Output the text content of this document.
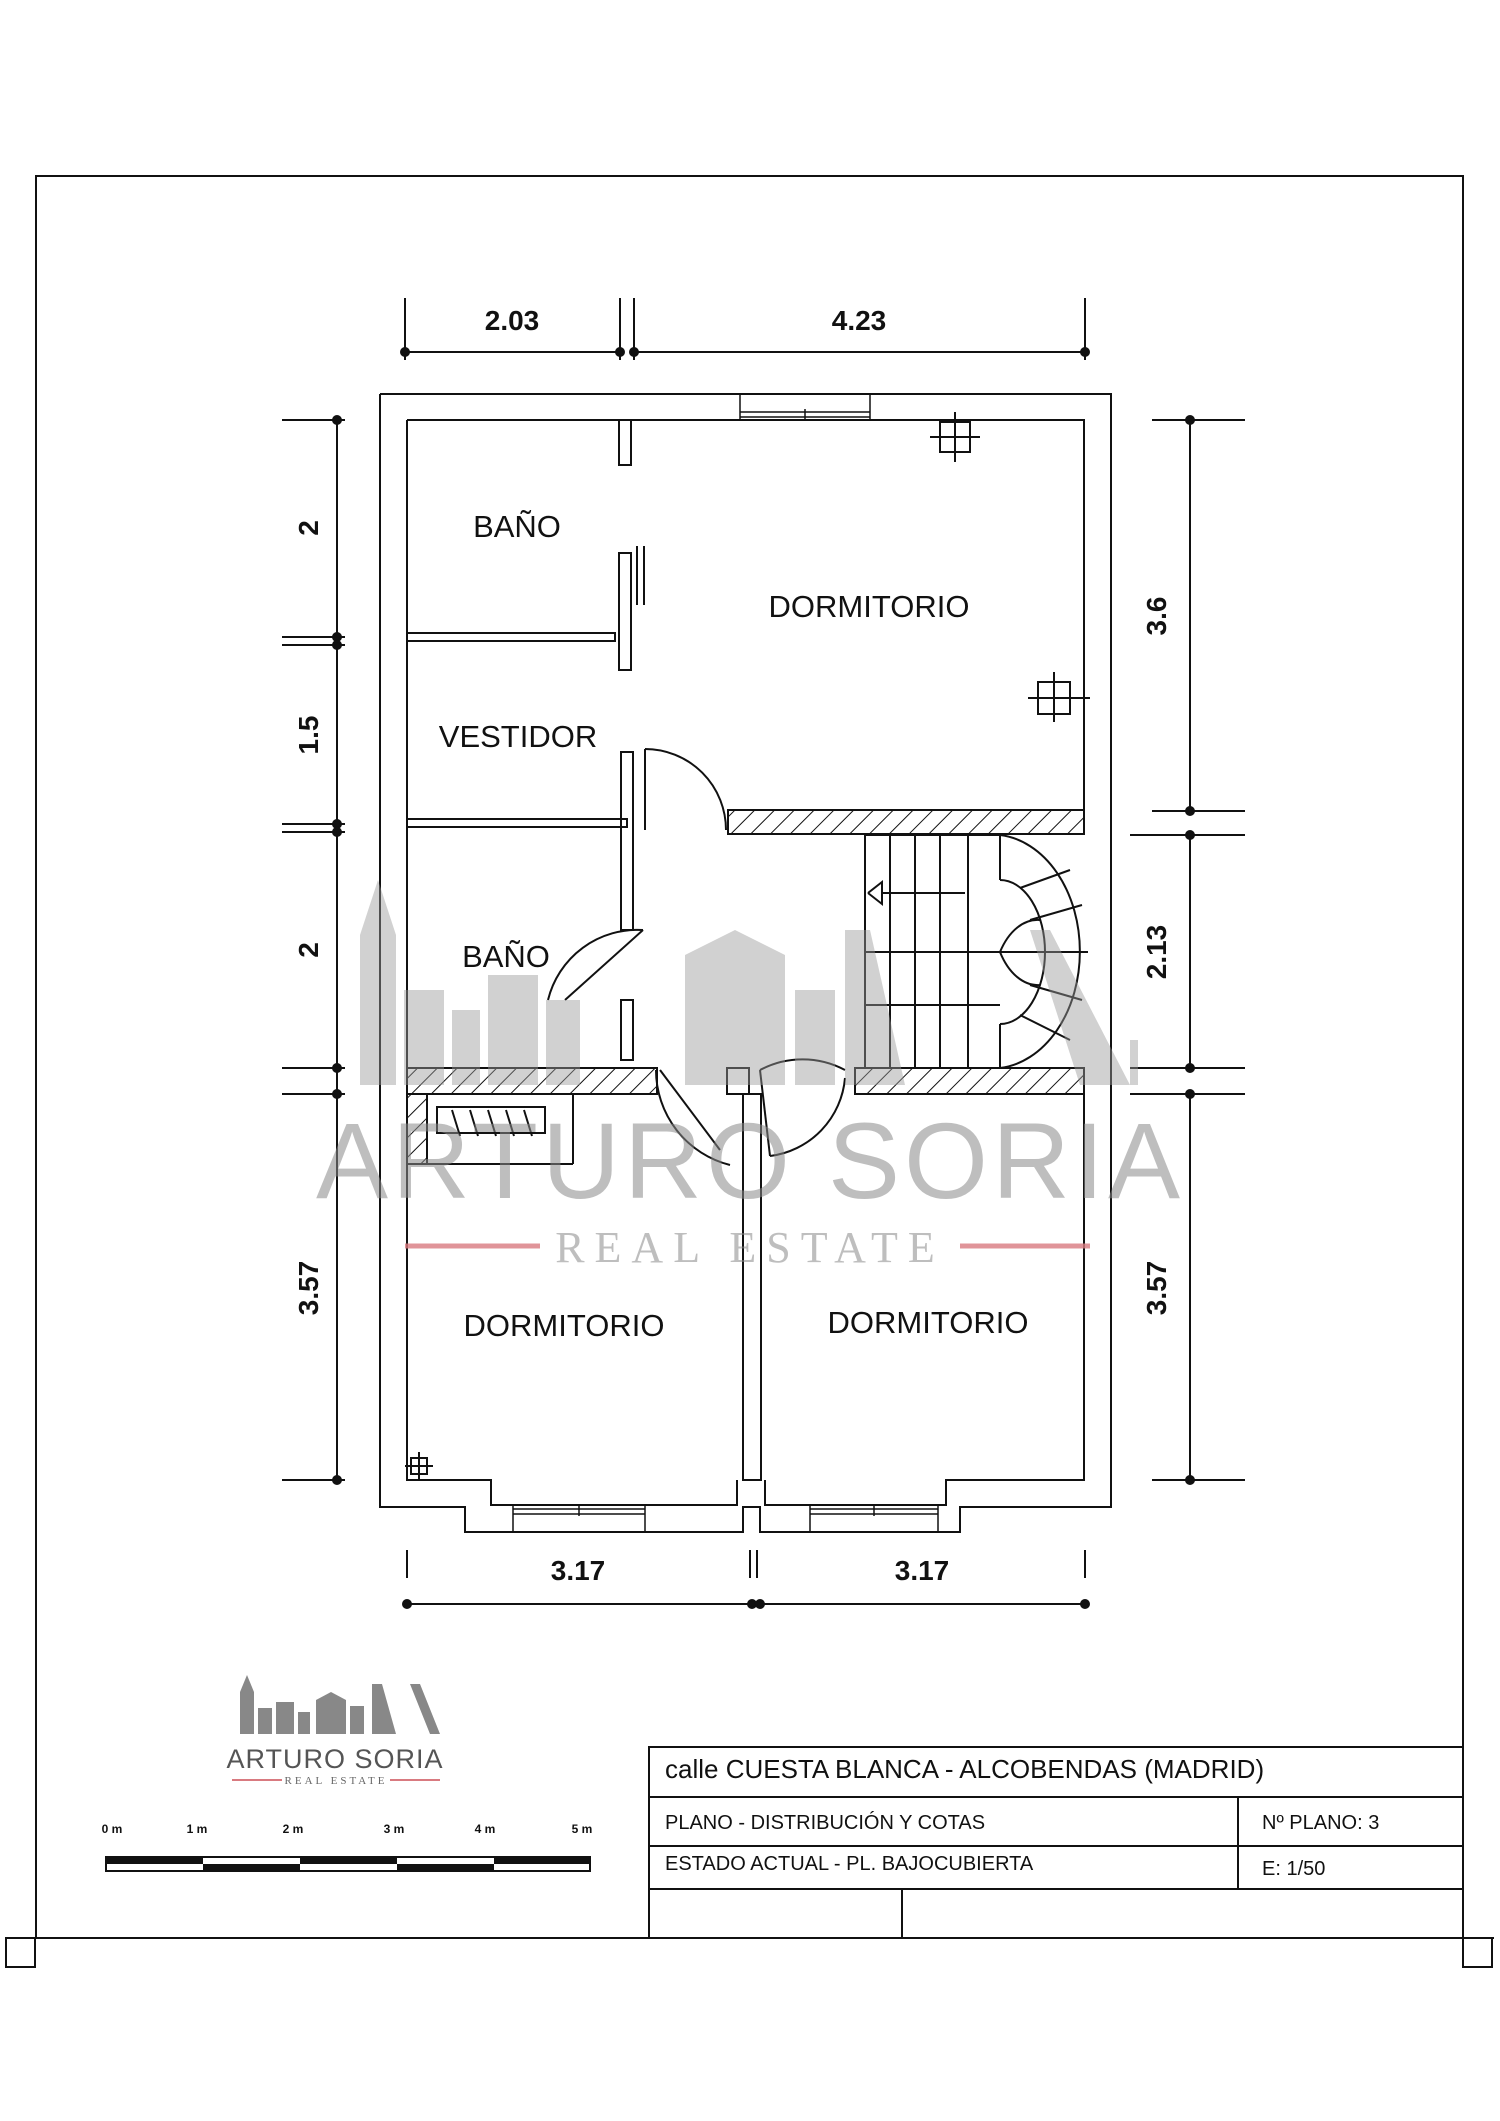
ARTURO SORIA
REAL ESTATE
BAÑO
DORMITORIO
VESTIDOR
BAÑO
DORMITORIO	DORMITORIO
2.03	4.23
2
1.5
2
3.57
3.6
2.13
3.57
3.17	3.17
ARTURO SORIA
REAL ESTATE
0 m	1 m	2 m	3 m	4 m	5 m
calle CUESTA BLANCA - ALCOBENDAS (MADRID)
PLANO - DISTRIBUCIÓN Y COTAS	Nº PLANO: 3
ESTADO ACTUAL - PL. BAJOCUBIERTA	E: 1/50
